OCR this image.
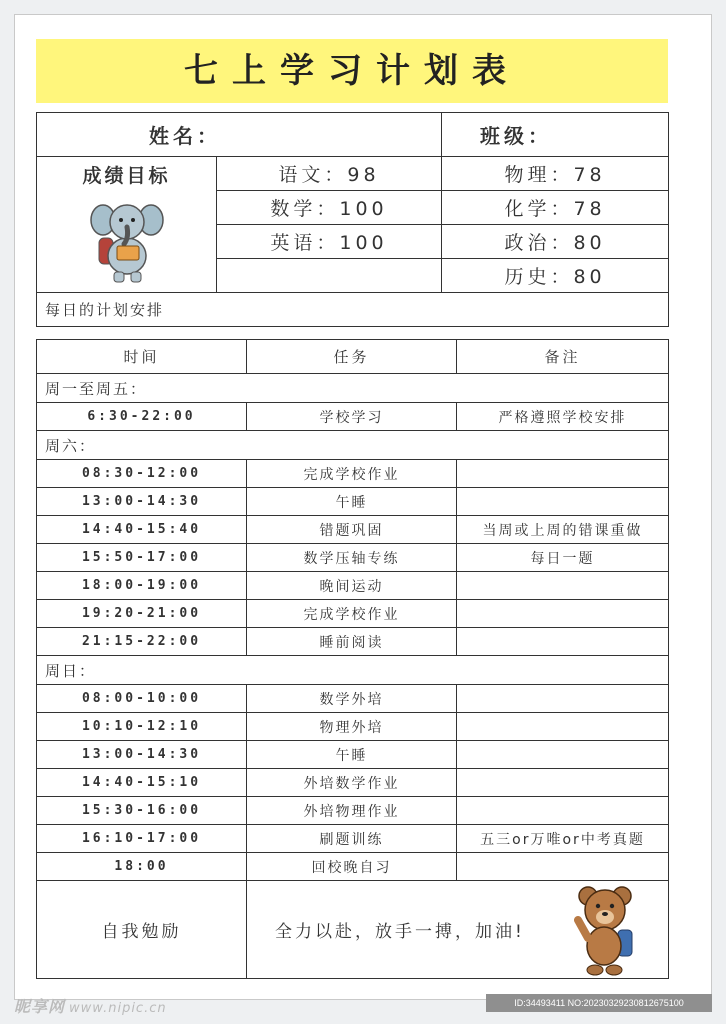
七上学习计划表
姓名：		班级：

成绩目标	语文：98	物理：78
	数学：100	化学：78
	英语：100	政治：80
		历史：80
每日的计划安排		
时间	任务	备注
周一至周五：		
6:30-22:00	学校学习	严格遵照学校安排
周六：		
08:30-12:00	完成学校作业	
13:00-14:30	午睡	
14:40-15:40	错题巩固	当周或上周的错课重做
15:50-17:00	数学压轴专练	每日一题
18:00-19:00	晚间运动	
19:20-21:00	完成学校作业	
21:15-22:00	睡前阅读	
周日：		
08:00-10:00	数学外培	
10:10-12:10	物理外培	
13:00-14:30	午睡	
14:40-15:10	外培数学作业	
15:30-16:00	外培物理作业	
16:10-17:00	刷题训练	五三or万唯or中考真题
18:00	回校晚自习	
自我勉励	全力以赴，放手一搏，加油!	
昵享网 www.nipic.cn	ID:34493411 NO:20230329230812675100
